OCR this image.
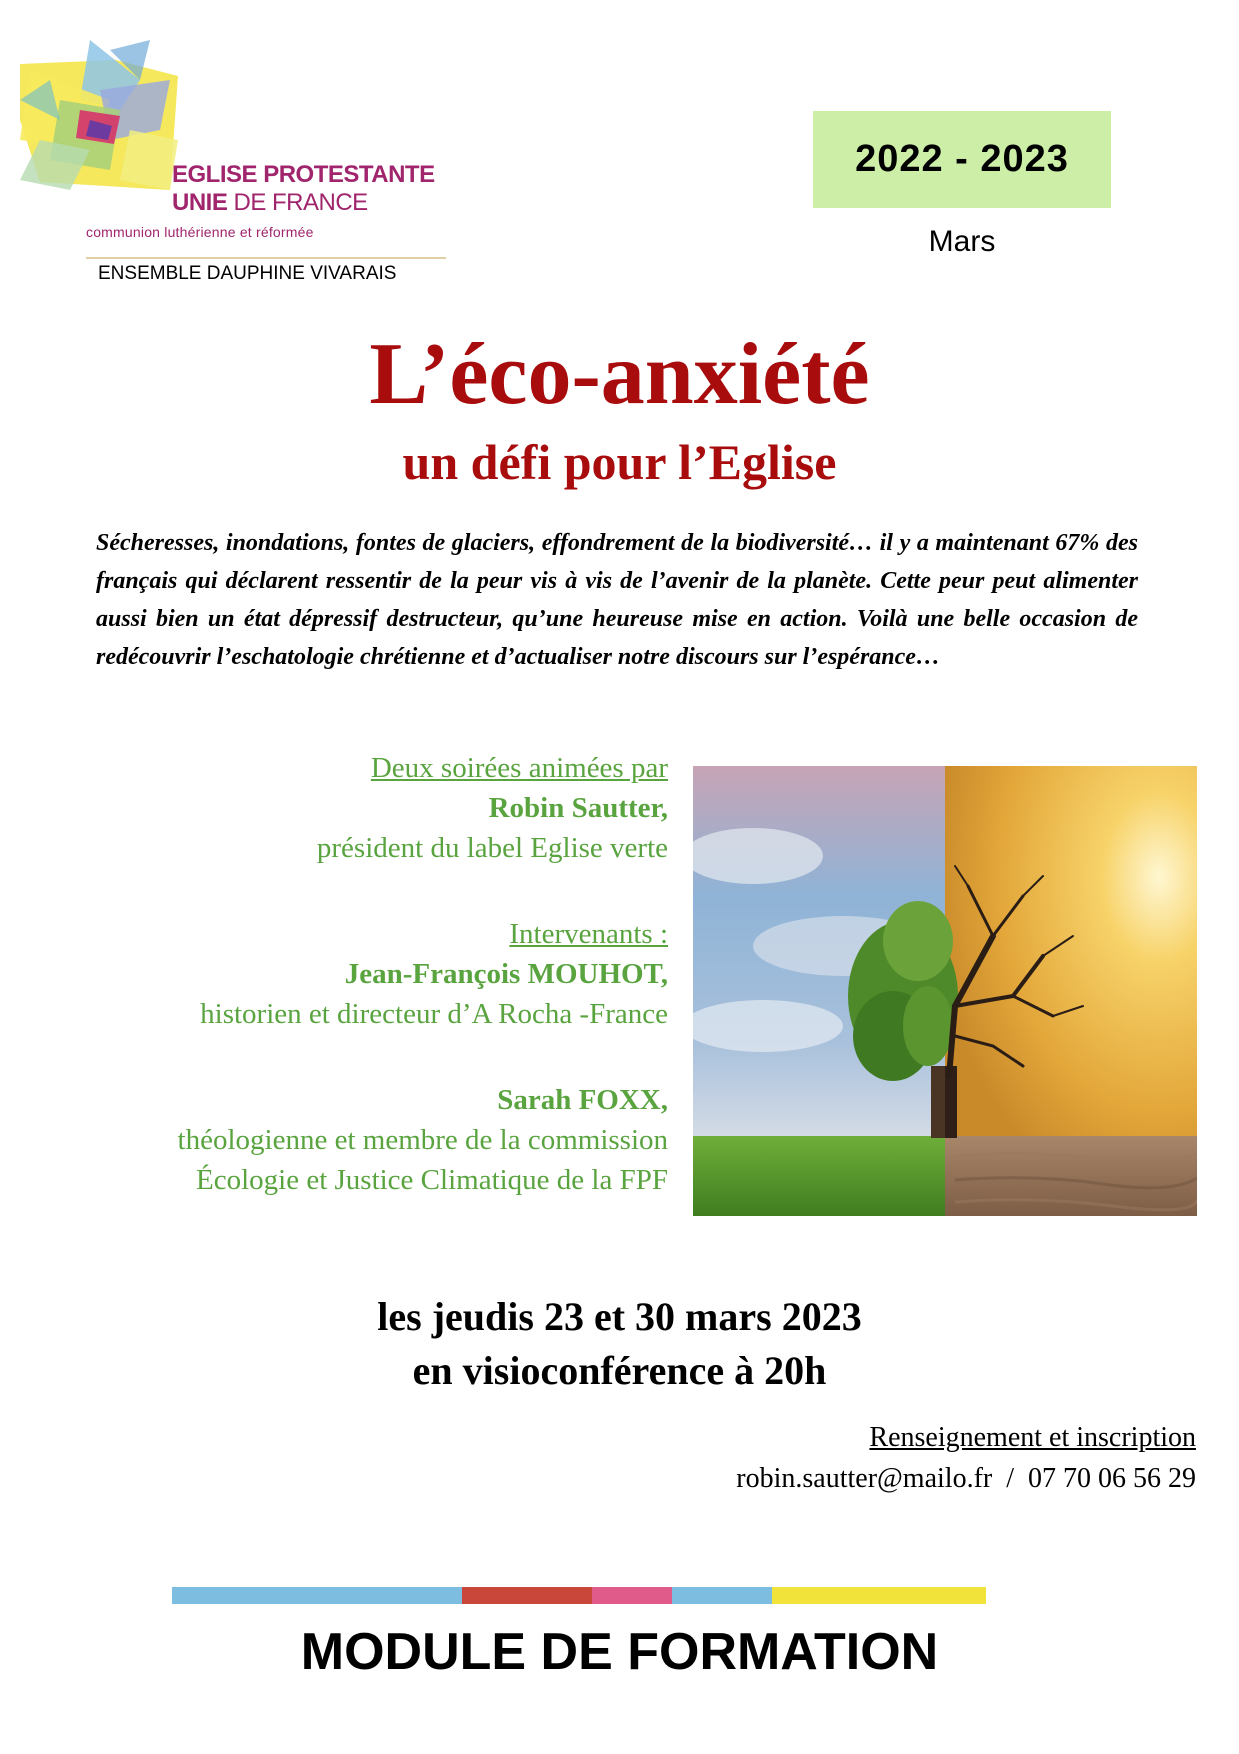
EGLISE PROTESTANTE
UNIE DE FRANCE
communion luthérienne et réformée
ENSEMBLE DAUPHINE VIVARAIS
2022 - 2023
Mars
L’éco-anxiété
un défi pour l’Eglise
Sécheresses, inondations, fontes de glaciers, effondrement de la biodiversité… il y a maintenant 67% des français qui déclarent ressentir de la peur vis à vis de l’avenir de la planète. Cette peur peut alimenter aussi bien un état dépressif destructeur, qu’une heureuse mise en action. Voilà une belle occasion de redécouvrir l’eschatologie chrétienne et d’actualiser notre discours sur l’espérance…

Deux soirées animées par

Robin Sautter,

président du label Eglise verte

Intervenants :

Jean-François MOUHOT,

historien et directeur d’A Rocha -France

Sarah FOXX,

théologienne et membre de la commission

Écologie et Justice Climatique de la FPF

les jeudis 23 et 30 mars 2023
en visioconférence à 20h
Renseignement et inscription
robin.sautter@mailo.fr  /  07 70 06 56 29
MODULE DE FORMATION
